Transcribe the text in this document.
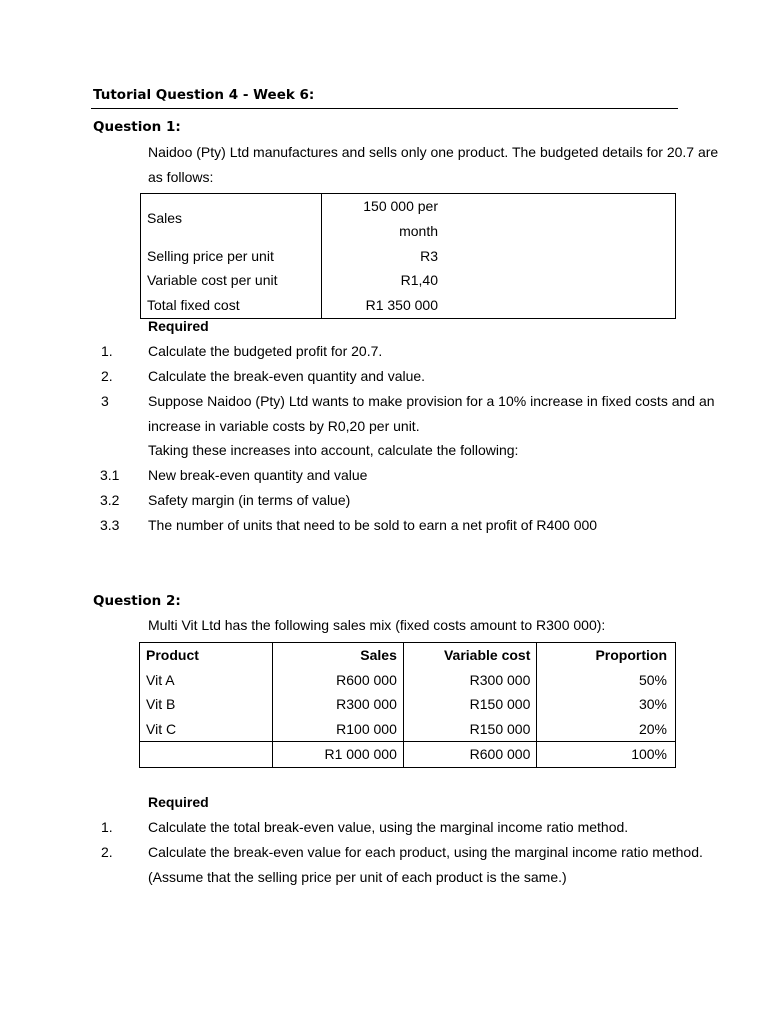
Tutorial Question 4 - Week 6:
Question 1:
Naidoo (Pty) Ltd manufactures and sells only one product. The budgeted details for 20.7 are
as follows:
Sales	150 000 per month	
Selling price per unit	R3	
Variable cost per unit	R1,40	
Total fixed cost	R1 350 000	
Required
1.	Calculate the budgeted profit for 20.7.
2.	Calculate the break-even quantity and value.
3	Suppose Naidoo (Pty) Ltd wants to make provision for a 10% increase in fixed costs and an
increase in variable costs by R0,20 per unit.
Taking these increases into account, calculate the following:
3.1 New break-even quantity and value
3.2 Safety margin (in terms of value)
3.3 The number of units that need to be sold to earn a net profit of R400 000
Question 2:
Multi Vit Ltd has the following sales mix (fixed costs amount to R300 000):
Product	Sales	Variable cost	Proportion
Vit A	R600 000	R300 000	50%
Vit B	R300 000	R150 000	30%
Vit C	R100 000	R150 000	20%
	R1 000 000	R600 000	100%
Required
1.	Calculate the total break-even value, using the marginal income ratio method.
2.	Calculate the break-even value for each product, using the marginal income ratio method.
(Assume that the selling price per unit of each product is the same.)
